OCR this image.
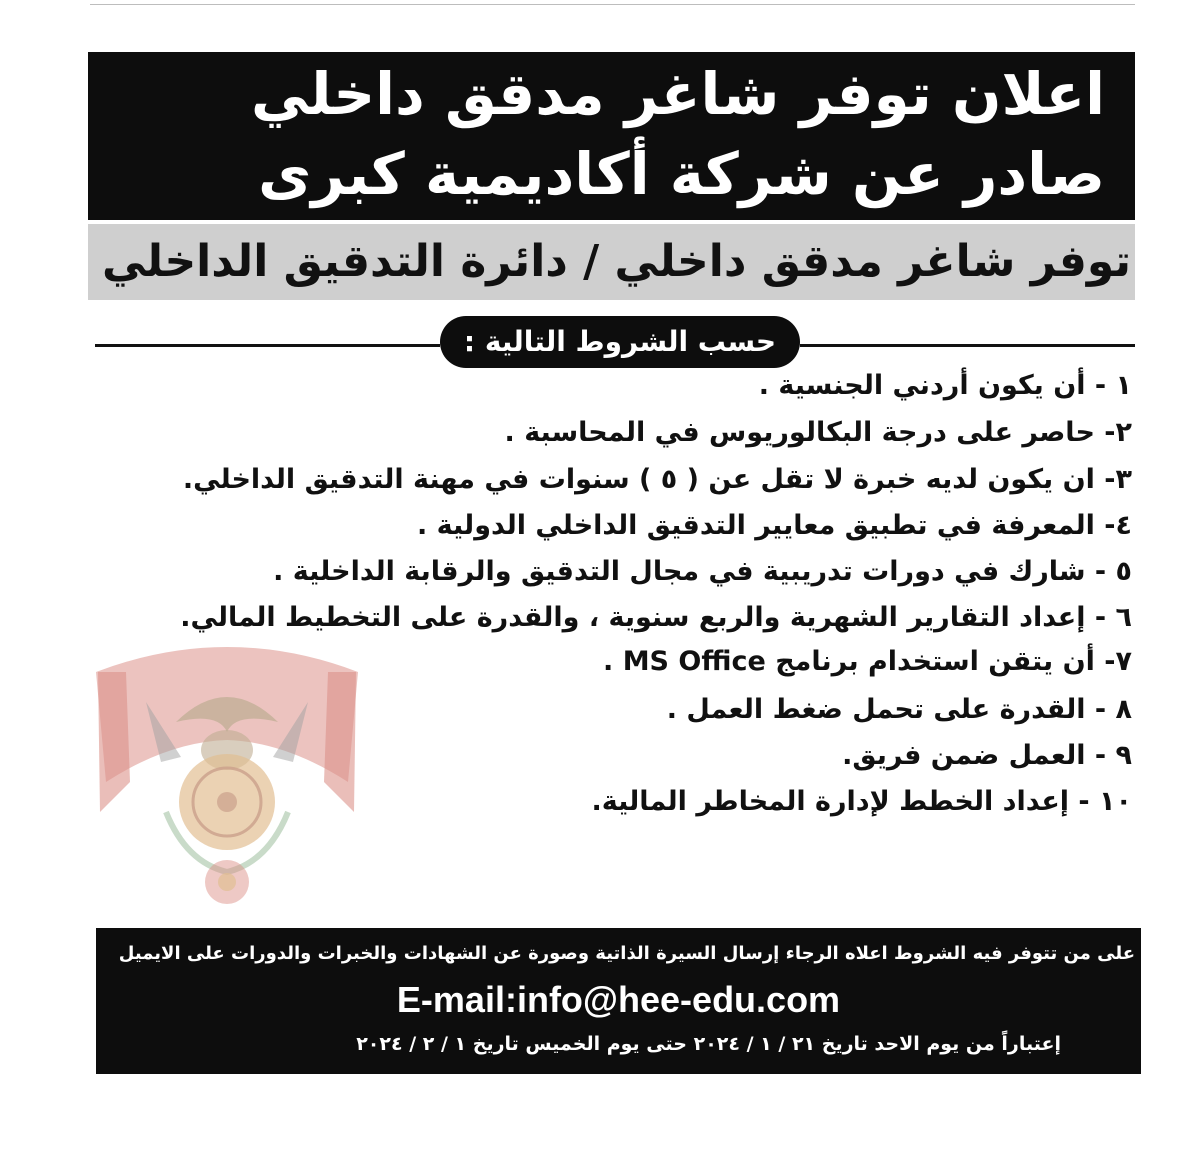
اعلان توفر شاغر مدقق داخلي
صادر عن شركة أكاديمية كبرى
توفر شاغر مدقق داخلي / دائرة التدقيق الداخلي
حسب الشروط التالية :
١ - أن يكون أردني الجنسية .
٢- حاصر على درجة البكالوريوس في المحاسبة .
٣- ان يكون لديه خبرة لا تقل عن ( ٥ ) سنوات في مهنة التدقيق الداخلي.
٤- المعرفة في تطبيق معايير التدقيق الداخلي الدولية .
٥ - شارك في دورات تدريبية في مجال التدقيق والرقابة الداخلية .
٦ - إعداد التقارير الشهرية والربع سنوية ، والقدرة على التخطيط المالي.
٧- أن يتقن استخدام برنامج MS Office .
٨ - القدرة على تحمل ضغط العمل .
٩ - العمل ضمن فريق.
١٠ - إعداد الخطط لإدارة المخاطر المالية.
على من تتوفر فيه الشروط اعلاه الرجاء إرسال السيرة الذاتية وصورة عن الشهادات والخبرات والدورات على الايميل
E-mail:info@hee-edu.com
إعتباراً من يوم الاحد تاريخ ٢١ / ١ / ٢٠٢٤ حتى يوم الخميس تاريخ ١ / ٢ / ٢٠٢٤
